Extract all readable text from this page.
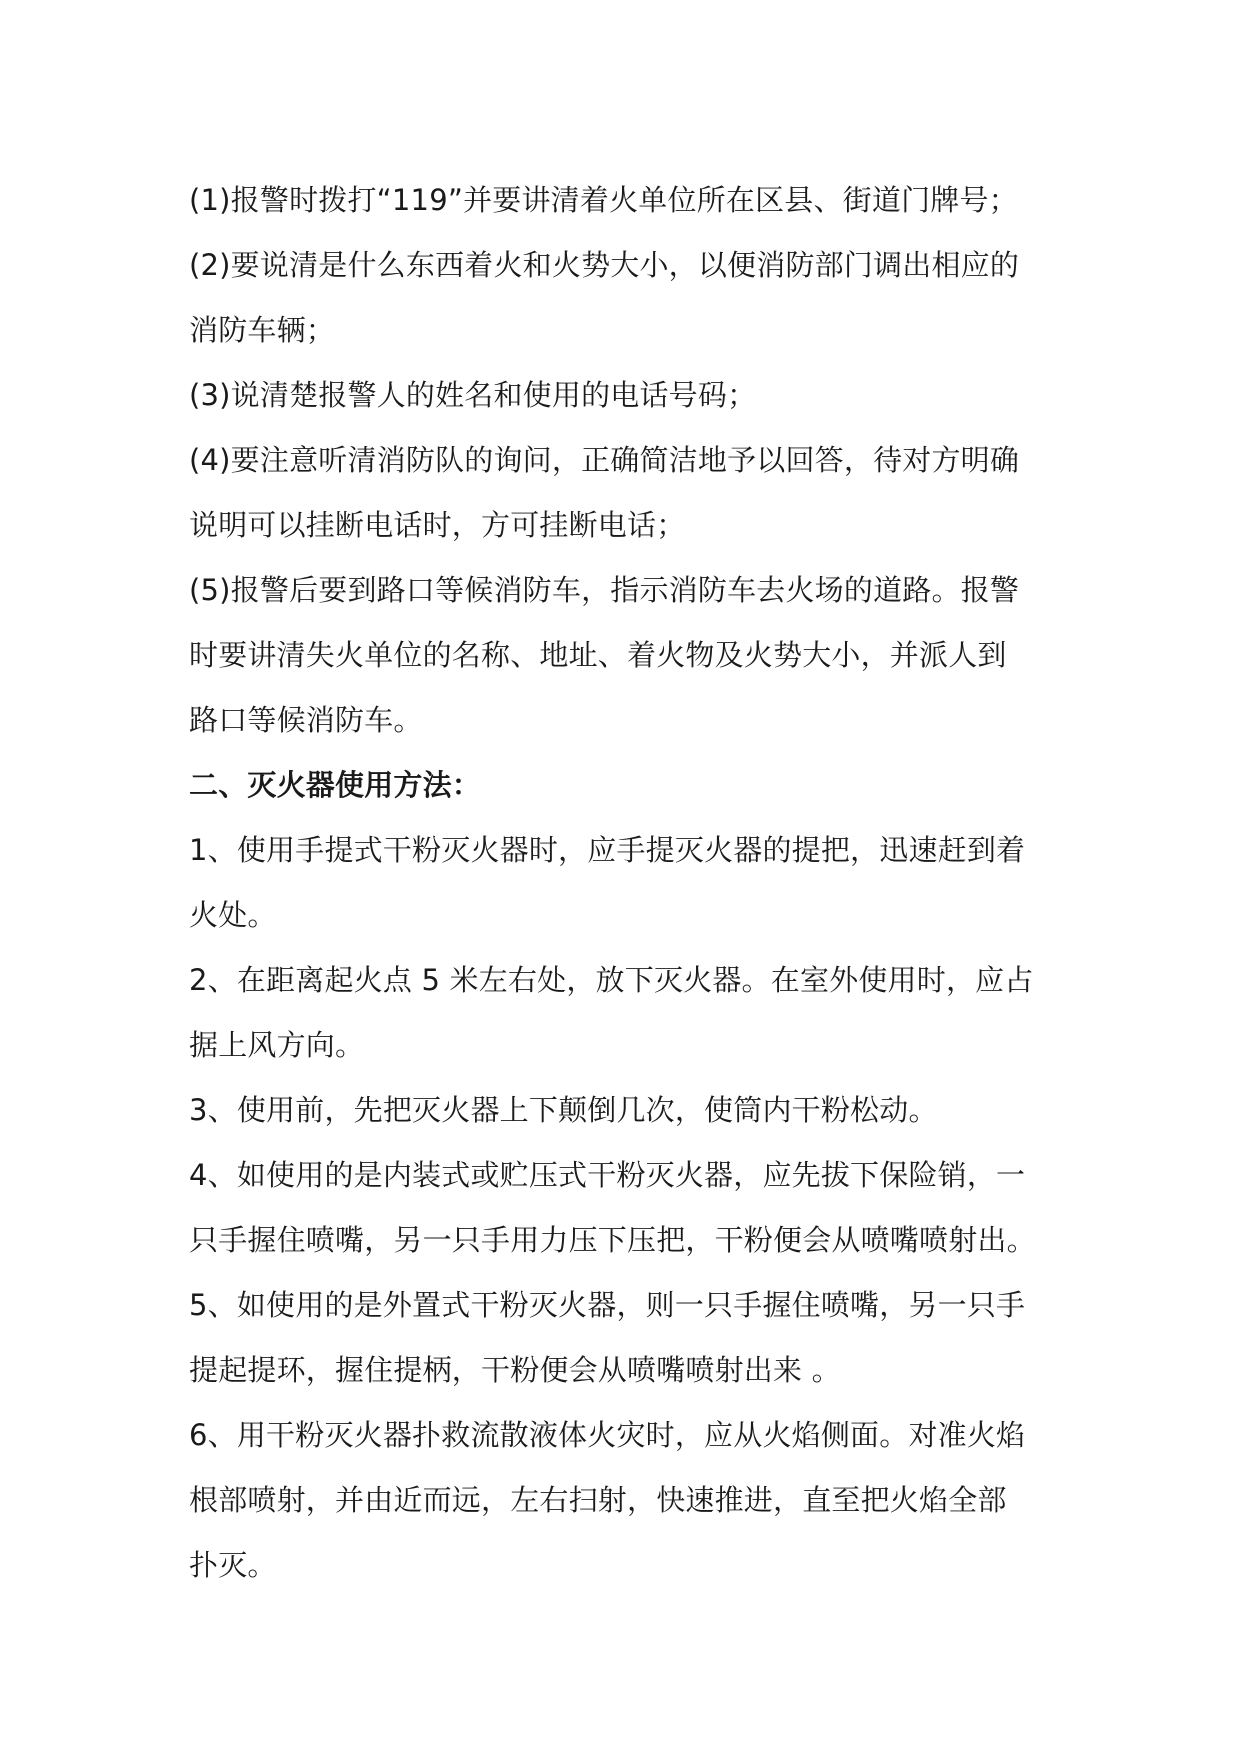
(1)报警时拨打“119”并要讲清着火单位所在区县、街道门牌号；

(2)要说清是什么东西着火和火势大小，以便消防部门调出相应的

消防车辆；

(3)说清楚报警人的姓名和使用的电话号码；

(4)要注意听清消防队的询问，正确简洁地予以回答，待对方明确

说明可以挂断电话时，方可挂断电话；

(5)报警后要到路口等候消防车，指示消防车去火场的道路。报警

时要讲清失火单位的名称、地址、着火物及火势大小，并派人到

路口等候消防车。

二、灭火器使用方法：

1、使用手提式干粉灭火器时，应手提灭火器的提把，迅速赶到着

火处。

2、在距离起火点 5 米左右处，放下灭火器。在室外使用时，应占

据上风方向。

3、使用前，先把灭火器上下颠倒几次，使筒内干粉松动。

4、如使用的是内装式或贮压式干粉灭火器，应先拔下保险销，一

只手握住喷嘴，另一只手用力压下压把，干粉便会从喷嘴喷射出。

5、如使用的是外置式干粉灭火器，则一只手握住喷嘴，另一只手

提起提环，握住提柄，干粉便会从喷嘴喷射出来 。

6、用干粉灭火器扑救流散液体火灾时，应从火焰侧面。对准火焰

根部喷射，并由近而远，左右扫射，快速推进，直至把火焰全部

扑灭。
